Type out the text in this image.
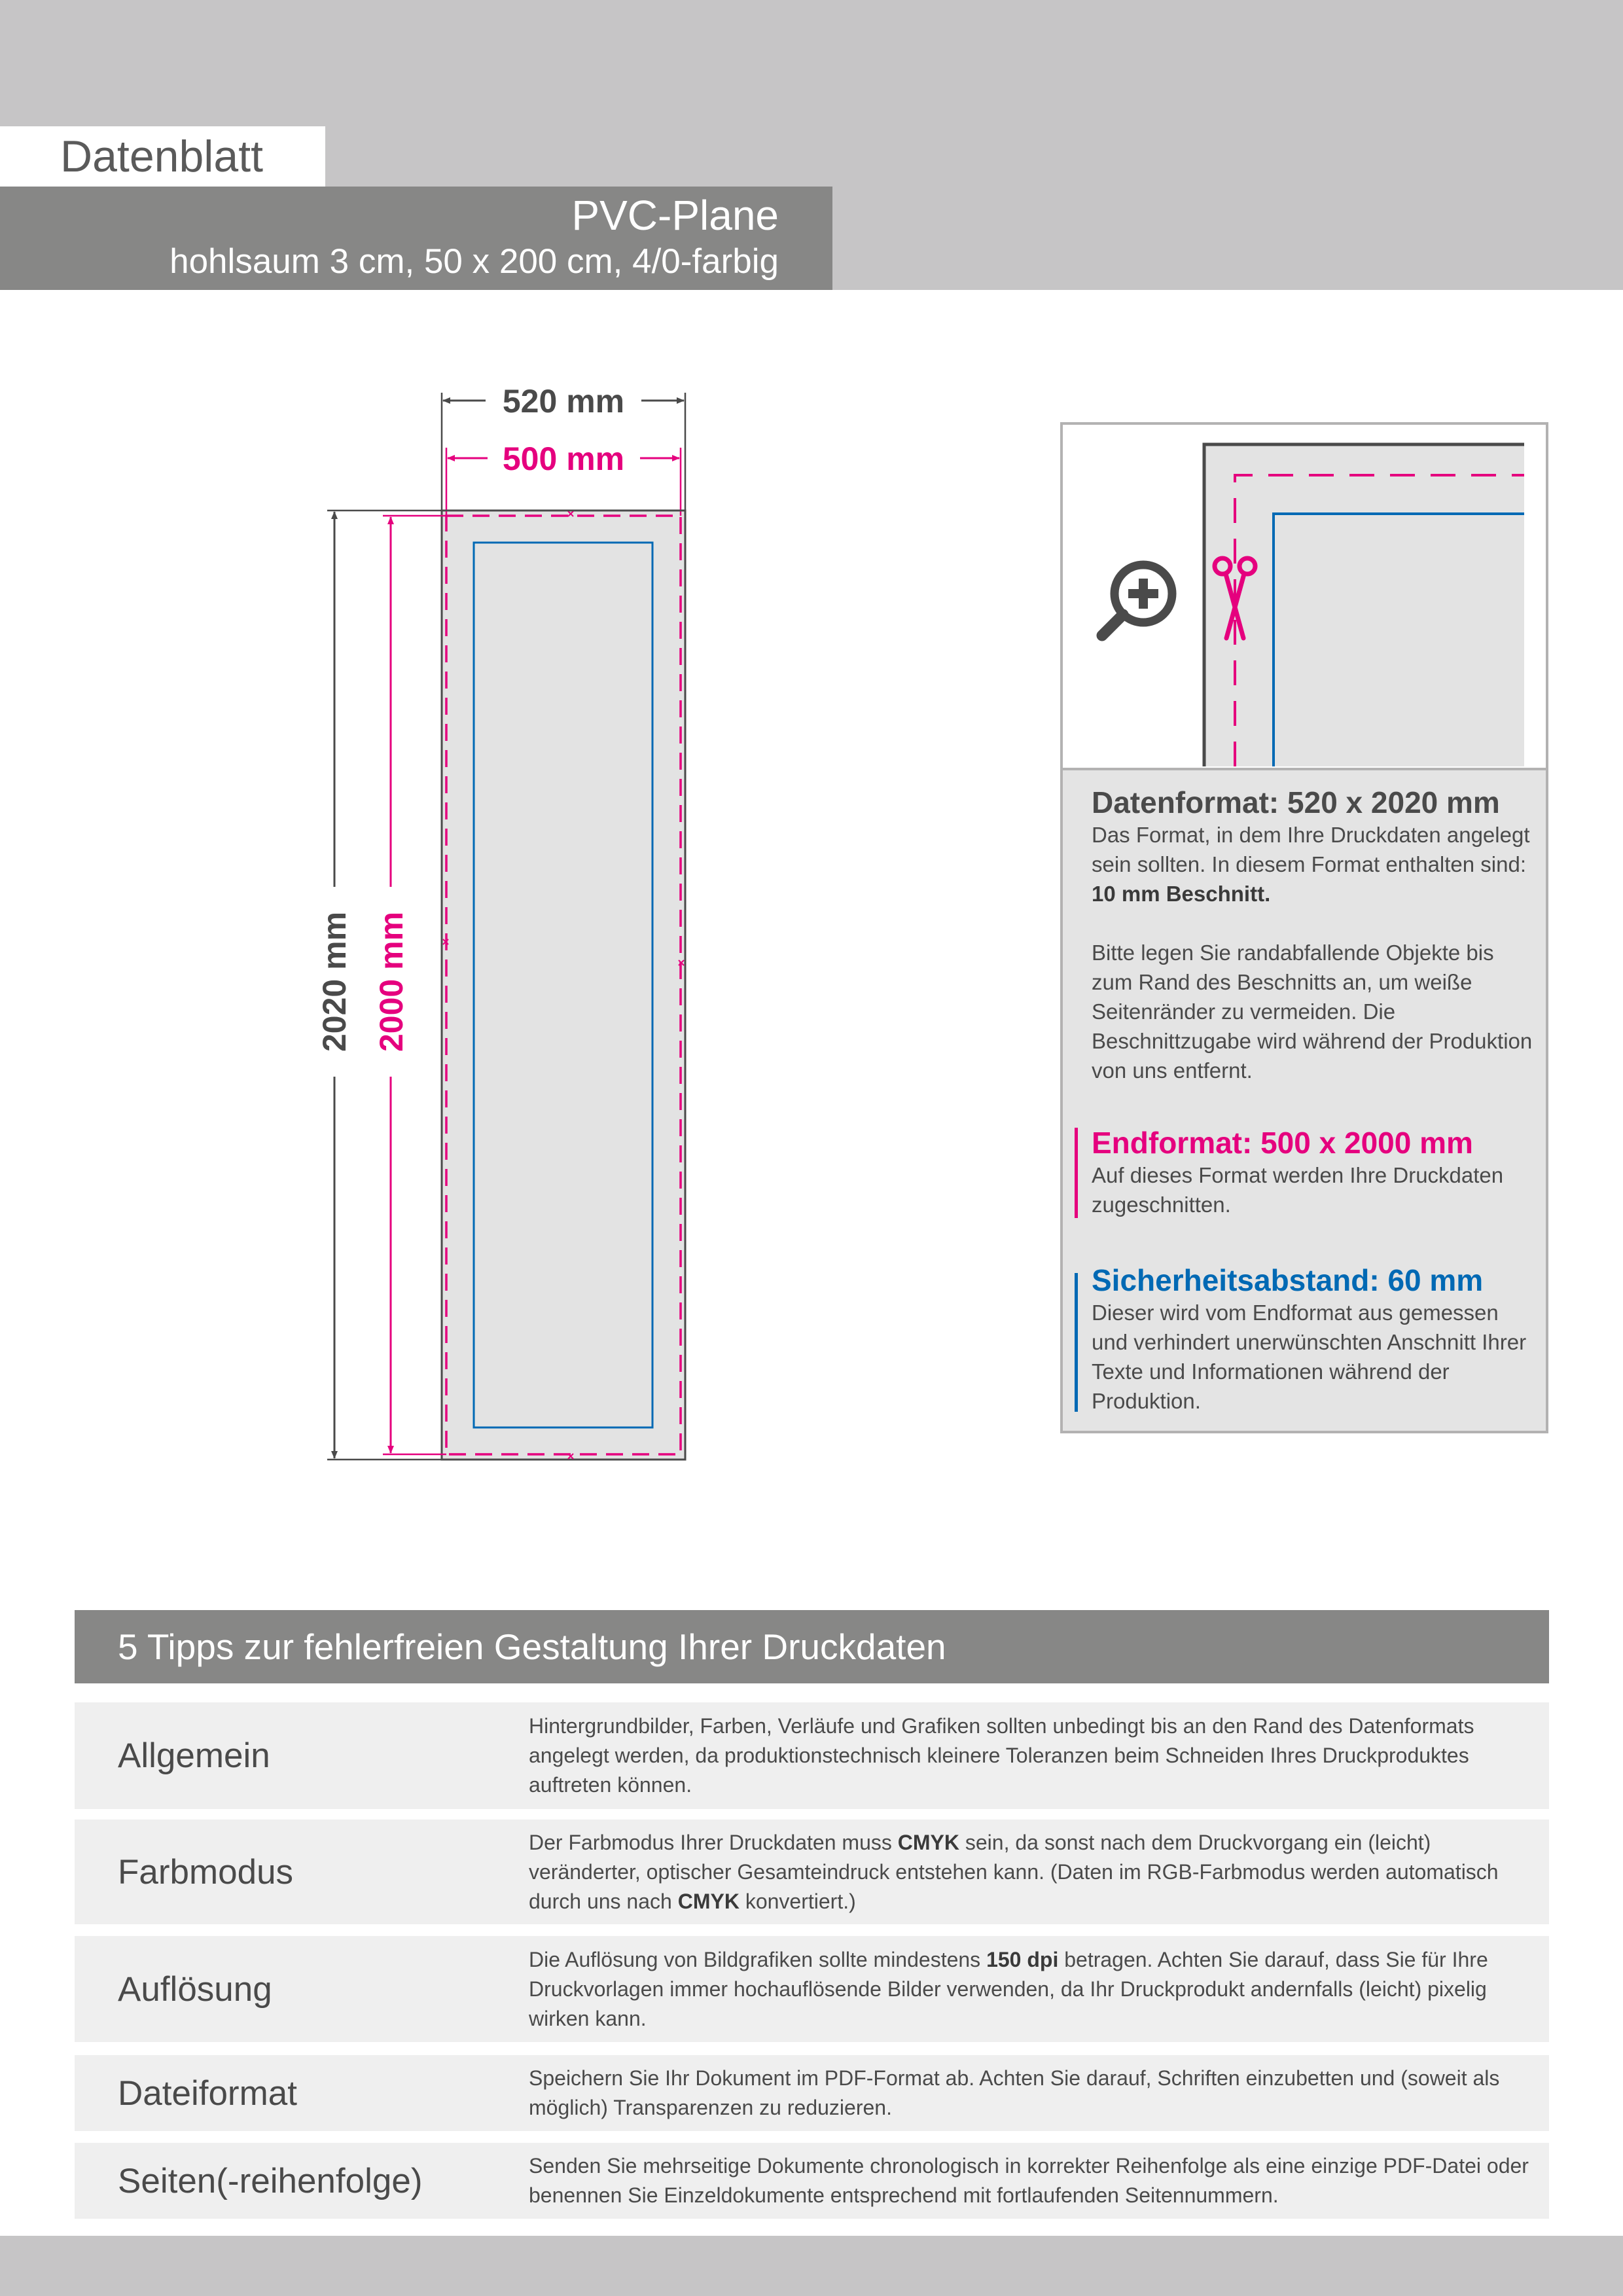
Datenblatt
PVC-Plane
hohlsaum 3 cm, 50 x 200 cm, 4/0-farbig
520 mm
500 mm
2020 mm 2000 mm
Datenformat: 520 x 2020 mm
Das Format, in dem Ihre Druckdaten angelegt sein sollten. In diesem Format enthalten sind: 10 mm Beschnitt.
Bitte legen Sie randabfallende Objekte bis zum Rand des Beschnitts an, um weiße Seitenränder zu vermeiden. Die Beschnittzugabe wird während der Produktion von uns entfernt.
Endformat: 500 x 2000 mm
Auf dieses Format werden Ihre Druckdaten zugeschnitten.
Sicherheitsabstand: 60 mm
Dieser wird vom Endformat aus gemessen und verhindert unerwünschten Anschnitt Ihrer Texte und Informationen während der Produktion.
5 Tipps zur fehlerfreien Gestaltung Ihrer Druckdaten
Allgemein
Hintergrundbilder, Farben, Verläufe und Grafiken sollten unbedingt bis an den Rand des Datenformats angelegt werden, da produktionstechnisch kleinere Toleranzen beim Schneiden Ihres Druckproduktes auftreten können.
Farbmodus
Der Farbmodus Ihrer Druckdaten muss CMYK sein, da sonst nach dem Druckvorgang ein (leicht) veränderter, optischer Gesamteindruck entstehen kann. (Daten im RGB-Farbmodus werden automatisch durch uns nach CMYK konvertiert.)
Auflösung
Die Auflösung von Bildgrafiken sollte mindestens 150 dpi betragen. Achten Sie darauf, dass Sie für Ihre Druckvorlagen immer hochauflösende Bilder verwenden, da Ihr Druckprodukt andernfalls (leicht) pixelig wirken kann.
Dateiformat	Speichern Sie Ihr Dokument im PDF-Format ab. Achten Sie darauf, Schriften einzubetten und (soweit als möglich) Transparenzen zu reduzieren.
Seiten(-reihenfolge)	Senden Sie mehrseitige Dokumente chronologisch in korrekter Reihenfolge als eine einzige PDF-Datei oder benennen Sie Einzeldokumente entsprechend mit fortlaufenden Seitennummern.
